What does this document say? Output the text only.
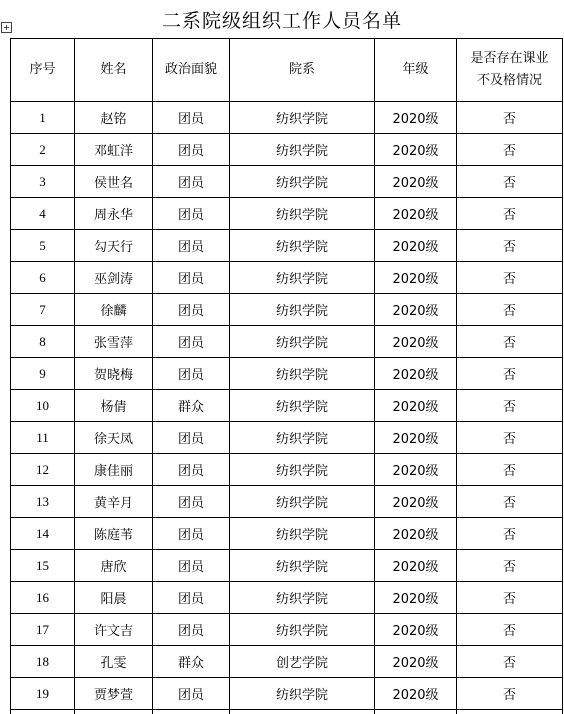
二系院级组织工作人员名单
+
序号	姓名	政治面貌	院系	年级	是否存在课业
不及格情况

1	赵铭	团员	纺织学院	2020级	否
2	邓虹洋	团员	纺织学院	2020级	否
3	侯世名	团员	纺织学院	2020级	否
4	周永华	团员	纺织学院	2020级	否
5	勾天行	团员	纺织学院	2020级	否
6	巫剑涛	团员	纺织学院	2020级	否
7	徐麟	团员	纺织学院	2020级	否
8	张雪萍	团员	纺织学院	2020级	否
9	贺晓梅	团员	纺织学院	2020级	否
10	杨倩	群众	纺织学院	2020级	否
11	徐天凤	团员	纺织学院	2020级	否
12	康佳丽	团员	纺织学院	2020级	否
13	黄辛月	团员	纺织学院	2020级	否
14	陈庭苇	团员	纺织学院	2020级	否
15	唐欣	团员	纺织学院	2020级	否
16	阳晨	团员	纺织学院	2020级	否
17	许文吉	团员	纺织学院	2020级	否
18	孔雯	群众	创艺学院	2020级	否
19	贾梦萱	团员	纺织学院	2020级	否
